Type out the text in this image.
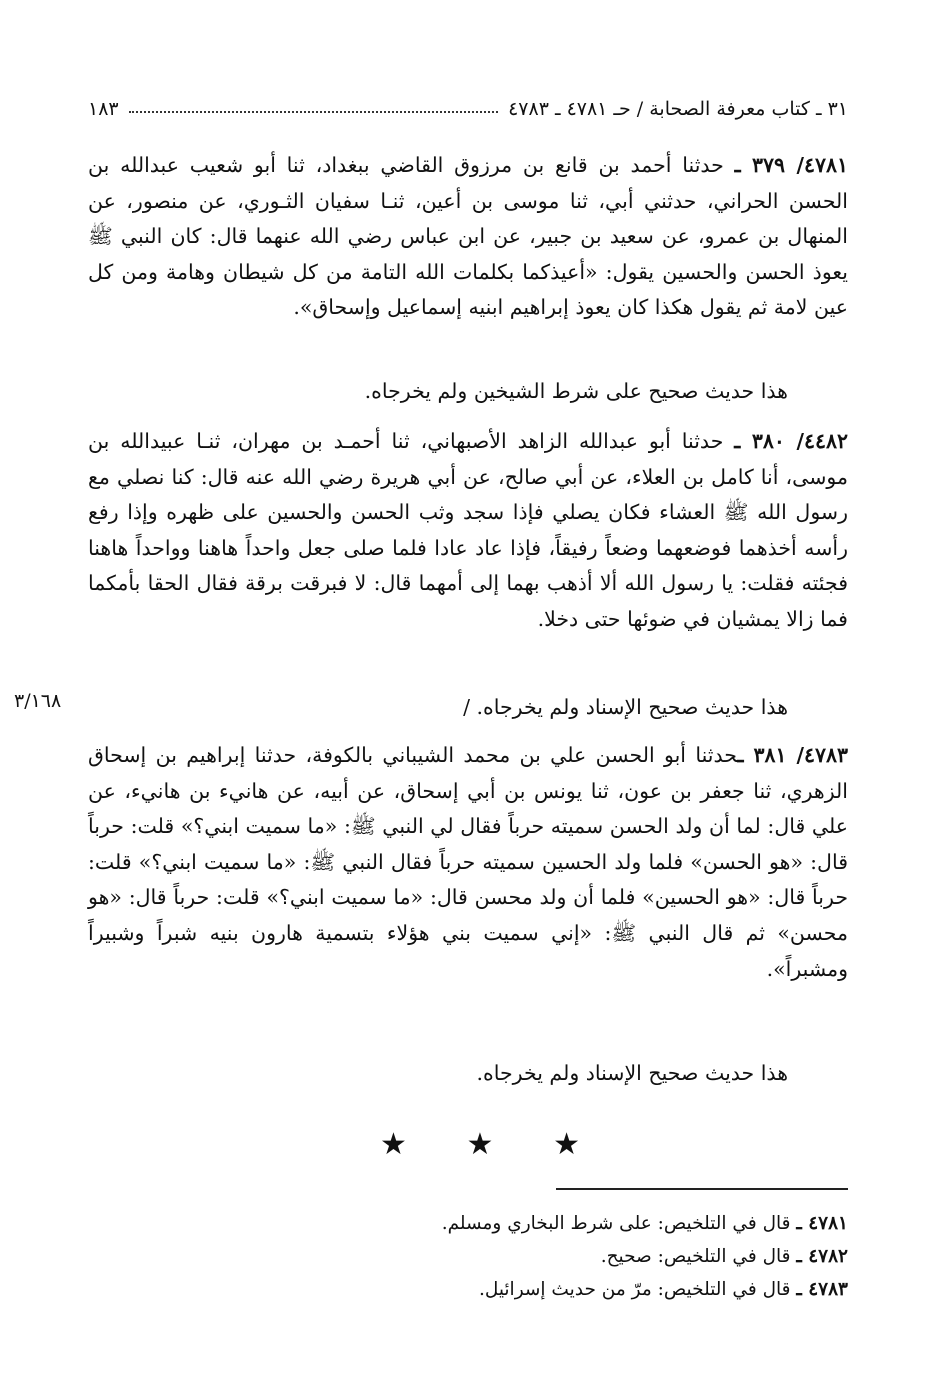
٣١ ـ كتاب معرفة الصحابة / حـ ٤٧٨١ ـ ٤٧٨٣
١٨٣

٤٧٨١/ ٣٧٩ ـ حدثنا أحمد بن قانع بن مرزوق القاضي ببغداد، ثنا أبو شعيب عبدالله بن الحسن الحراني، حدثني أبي، ثنا موسى بن أعين، ثنـا سفيان الثـوري، عن منصور، عن المنهال بن عمرو، عن سعيد بن جبير، عن ابن عباس رضي الله عنهما قال: كان النبي ﷺ يعوذ الحسن والحسين يقول: «أعيذكما بكلمات الله التامة من كل شيطان وهامة ومن كل عين لامة ثم يقول هكذا كان يعوذ إبراهيم ابنيه إسماعيل وإسحاق».

هذا حديث صحيح على شرط الشيخين ولم يخرجاه.

٤٤٨٢/ ٣٨٠ ـ حدثنا أبو عبدالله الزاهد الأصبهاني، ثنا أحمـد بن مهران، ثنـا عبيدالله بن موسى، أنا كامل بن العلاء، عن أبي صالح، عن أبي هريرة رضي الله عنه قال: كنا نصلي مع رسول الله ﷺ العشاء فكان يصلي فإذا سجد وثب الحسن والحسين على ظهره وإذا رفع رأسه أخذهما فوضعهما وضعاً رفيقاً، فإذا عاد عادا فلما صلى جعل واحداً هاهنا وواحداً هاهنا فجئته فقلت: يا رسول الله ألا أذهب بهما إلى أمهما قال: لا فبرقت برقة فقال الحقا بأمكما فما زالا يمشيان في ضوئها حتى دخلا.

هذا حديث صحيح الإسناد ولم يخرجاه. /

٣/١٦٨

٤٧٨٣/ ٣٨١ ـحدثنا أبو الحسن علي بن محمد الشيباني بالكوفة، حدثنا إبراهيم بن إسحاق الزهري، ثنا جعفر بن عون، ثنا يونس بن أبي إسحاق، عن أبيه، عن هانيء بن هانيء، عن علي قال: لما أن ولد الحسن سميته حرباً فقال لي النبي ﷺ: «ما سميت ابني؟» قلت: حرباً قال: «هو الحسن» فلما ولد الحسين سميته حرباً فقال النبي ﷺ: «ما سميت ابني؟» قلت: حرباً قال: «هو الحسين» فلما أن ولد محسن قال: «ما سميت ابني؟» قلت: حرباً قال: «هو محسن» ثم قال النبي ﷺ: «إني سميت بني هؤلاء بتسمية هارون بنيه شبراً وشبيراً ومشبراً».

هذا حديث صحيح الإسناد ولم يخرجاه.

★ ★ ★
٤٧٨١ ـ قال في التلخيص: على شرط البخاري ومسلم.
٤٧٨٢ ـ قال في التلخيص: صحيح.
٤٧٨٣ ـ قال في التلخيص: مرّ من حديث إسرائيل.
